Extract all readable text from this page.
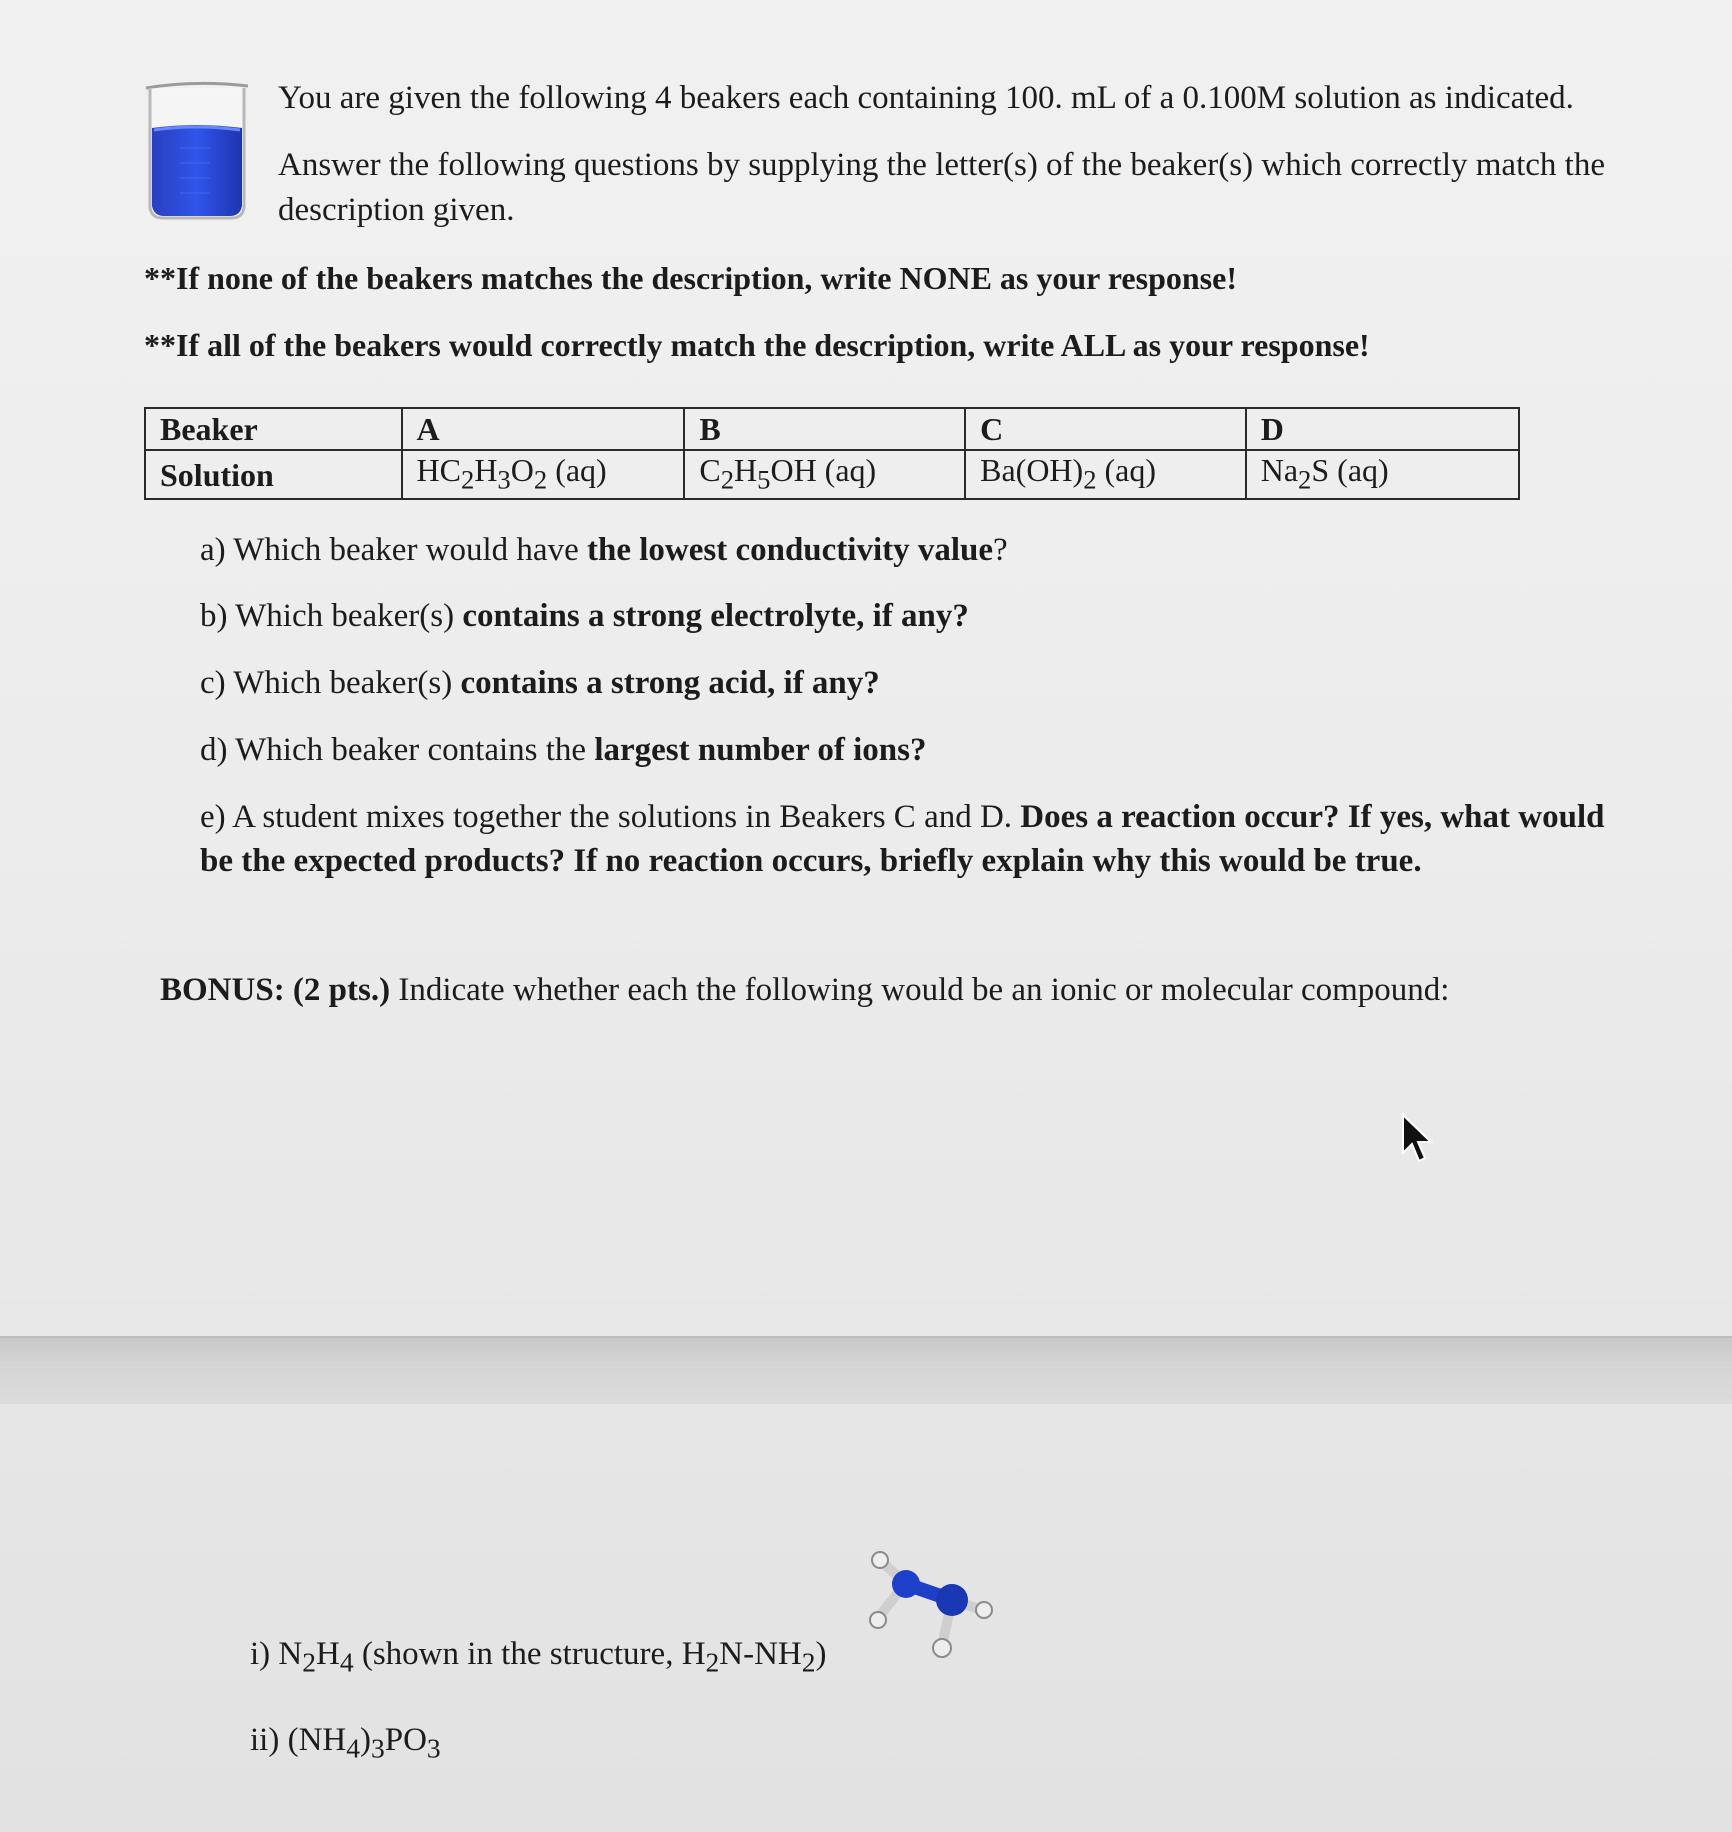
You are given the following 4 beakers each containing 100. mL of a 0.100M solution as indicated.

Answer the following questions by supplying the letter(s) of the beaker(s) which correctly match the description given.

**If none of the beakers matches the description, write NONE as your response!
**If all of the beakers would correctly match the description, write ALL as your response!
Beaker	A	B	C	D
Solution	$HC_2H_3O_2$ (aq)	$C_2H_5OH$ (aq)	$Ba(OH)_2$ (aq)	$Na_2S$ (aq)
a) Which beaker would have the lowest conductivity value?
b) Which beaker(s) contains a strong electrolyte, if any?
c) Which beaker(s) contains a strong acid, if any?
d) Which beaker contains the largest number of ions?
e) A student mixes together the solutions in Beakers C and D. Does a reaction occur? If yes, what would be the expected products? If no reaction occurs, briefly explain why this would be true.
BONUS: (2 pts.) Indicate whether each the following would be an ionic or molecular compound:
i) $N_2H_4$ (shown in the structure, $H_2N-NH_2$)
ii) $(NH_4)_3PO_3$
